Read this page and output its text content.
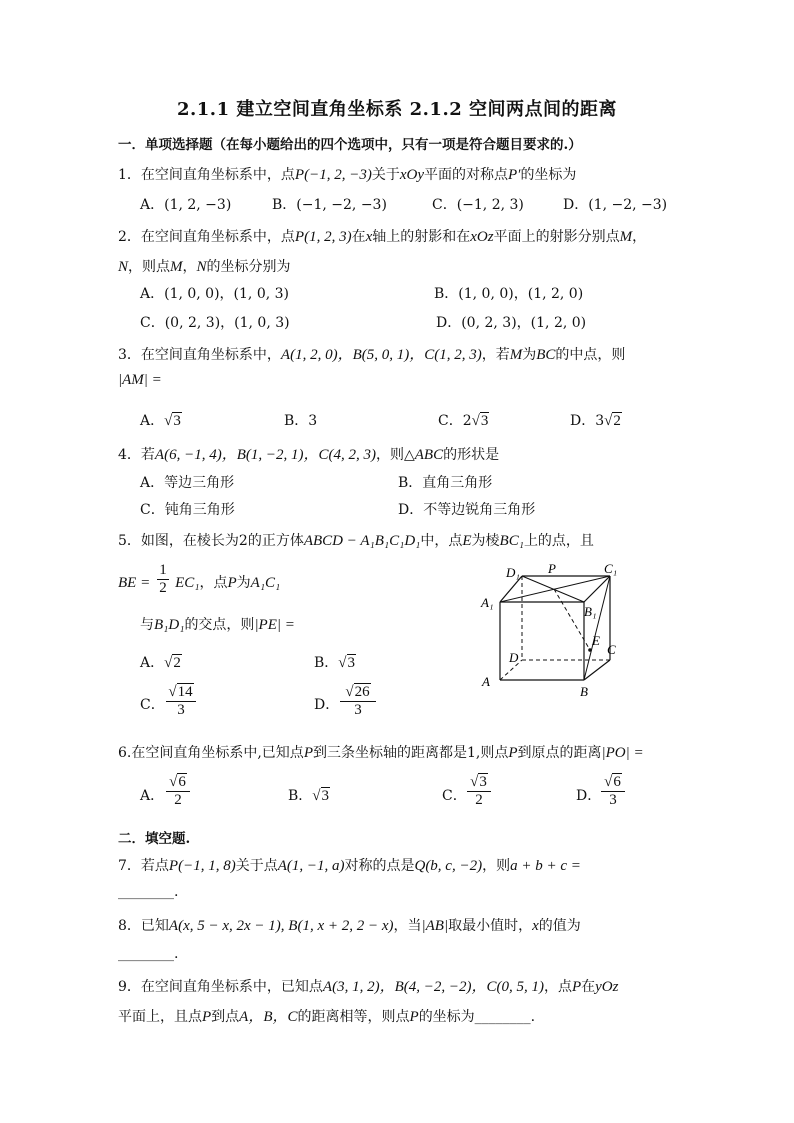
2.1.1 建立空间直角坐标系 2.1.2 空间两点间的距离
一．单项选择题（在每小题给出的四个选项中，只有一项是符合题目要求的.）
1．在空间直角坐标系中，点P(−1, 2, −3)关于xOy平面的对称点P′的坐标为
A．(1, 2, −3)	B．(−1, −2, −3)	C．(−1, 2, 3)	D．(1, −2, −3)
2．在空间直角坐标系中，点P(1, 2, 3)在x轴上的射影和在xOz平面上的射影分别点M，
N，则点M，N的坐标分别为
A．(1, 0, 0)，(1, 0, 3)	B．(1, 0, 0)，(1, 2, 0)
C．(0, 2, 3)，(1, 0, 3)	D．(0, 2, 3)，(1, 2, 0)
3．在空间直角坐标系中，A(1, 2, 0)，B(5, 0, 1)，C(1, 2, 3)，若M为BC的中点，则
|AM| =
A．√3	B．3	C．2√3	D．3√2
4．若A(6, −1, 4)，B(1, −2, 1)，C(4, 2, 3)，则△ABC的形状是
A．等边三角形	B．直角三角形
C．钝角三角形	D．不等边锐角三角形
5．如图，在棱长为2的正方体ABCD − A₁B₁C₁D₁中，点E为棱BC₁上的点，且
BE = EC₁，点P为A₁C₁
$\frac{1}{2}$
与B₁D₁的交点，则|PE| =
A．√2	B．√3
C． $\frac{√14}{3}$	D． $\frac{√26}{3}$
D₁ P	C₁
A₁
B₁
E
C
D
A
B
6.在空间直角坐标系中,已知点P到三条坐标轴的距离都是1,则点P到原点的距离|PO| =
A． $\frac{√6}{2}$	B．√3	C． $\frac{√3}{2}$	D． $\frac{√6}{3}$
二．填空题.
7．若点P(−1, 1, 8)关于点A(1, −1, a)对称的点是Q(b, c, −2)，则a + b + c =
________.
8．已知A(x, 5 − x, 2x − 1), B(1, x + 2, 2 − x)，当|AB|取最小值时，x的值为
________.
9．在空间直角坐标系中，已知点A(3, 1, 2)，B(4, −2, −2)，C(0, 5, 1)，点P在yOz
平面上，且点P到点A，B，C的距离相等，则点P的坐标为________.
